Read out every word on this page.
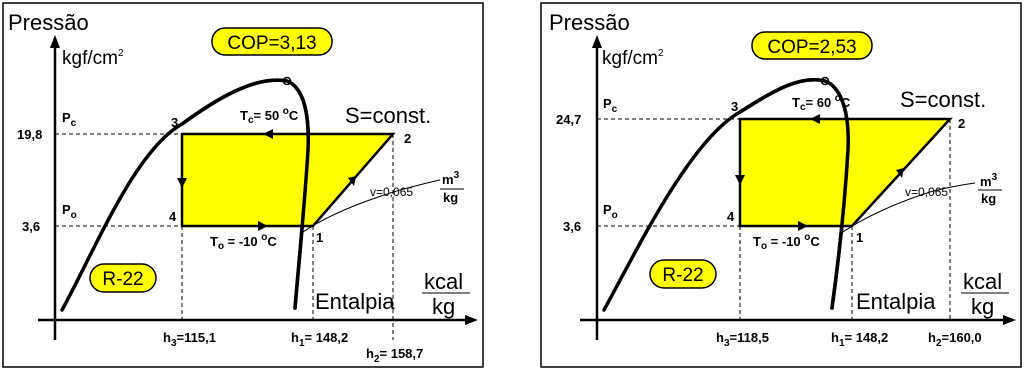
COP=3,13
R-22
Pressão
kgf/$cm^2$
Entalpia
kcal
kg
S=const.
$P_c$
$P_o$
19,8
3,6
$T_c= 50$ $^o$C
$T_o = -10$ $^o$C
v=0,065
$m^3$
kg
1
2
3
4
$h_3=115,1$	$h_1= 148,2$
$h_2= 158,7$
COP=2,53
R-22
Pressão
kgf/$cm^2$
Entalpia
kcal
kg
S=const.
$P_c$
$P_o$
24,7
3,6
$T_c= 60$ $^o$C
$T_o = -10$ $^o$C
v=0,065
$m^3$
kg
1
2
3
4
$h_3=118,5$	$h_1= 148,2$	$h_2=160,0$
